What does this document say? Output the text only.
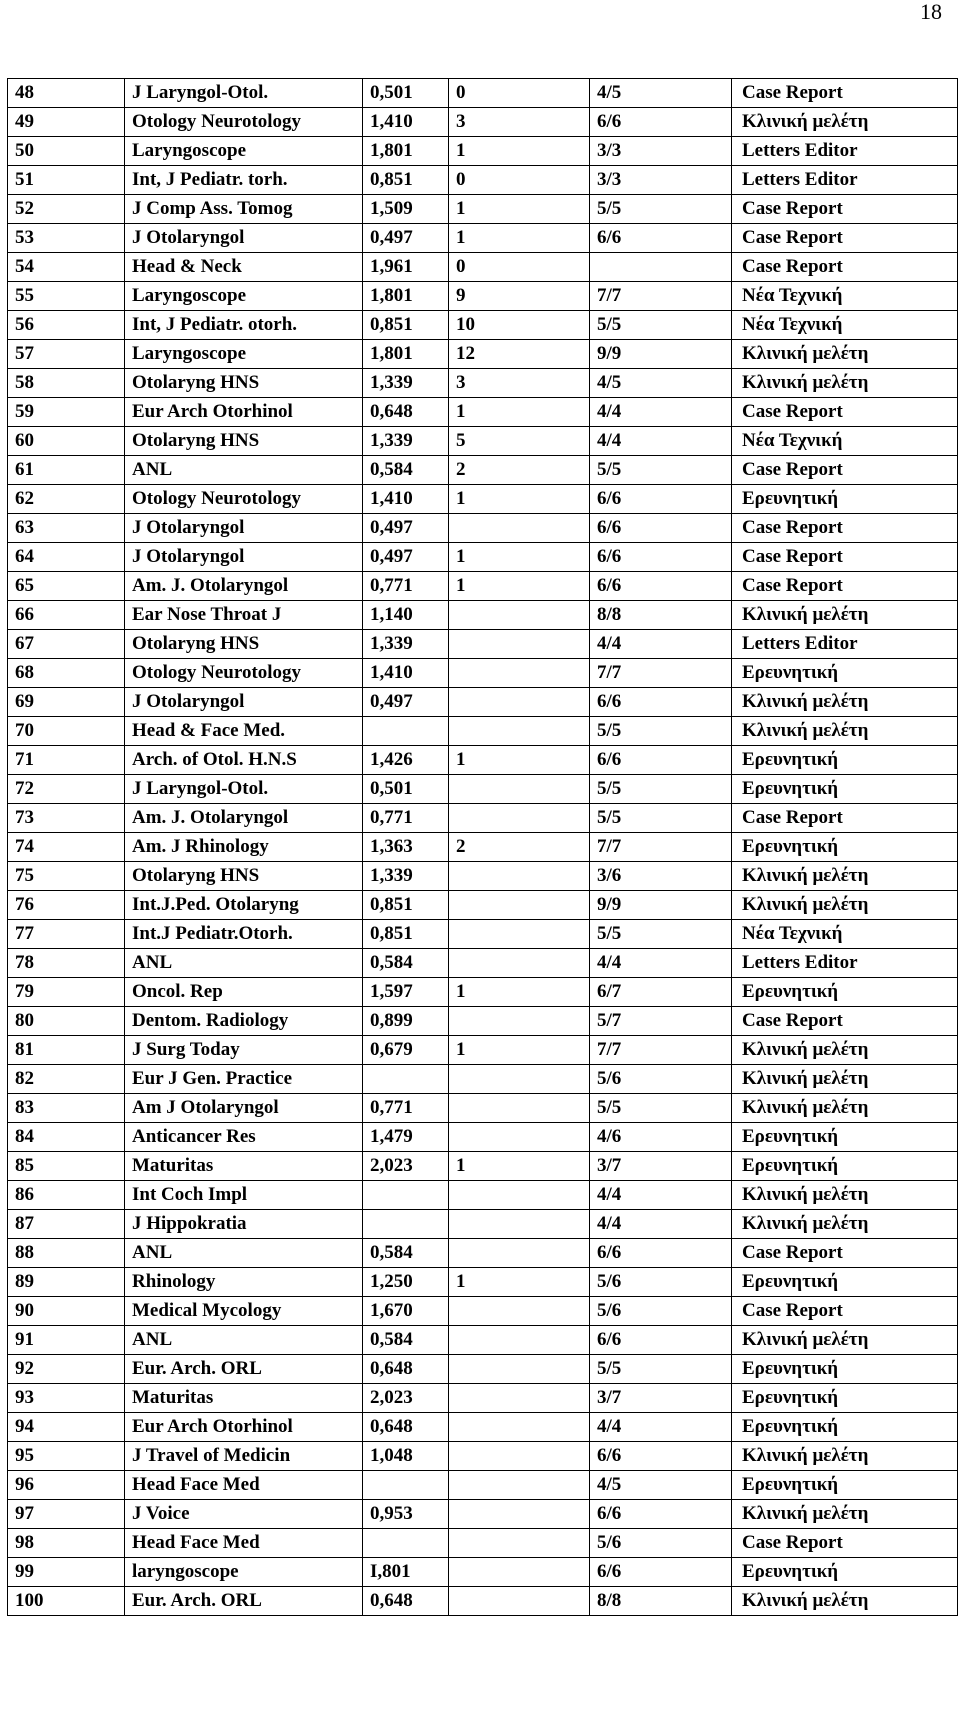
18
48	J Laryngol-Otol.	0,501	0	4/5	Case Report
49	Otology Neurotology	1,410	3	6/6	Κλινική μελέτη
50	Laryngoscope	1,801	1	3/3	Letters Editor
51	Int, J Pediatr. torh.	0,851	0	3/3	Letters Editor
52	J Comp Ass. Tomog	1,509	1	5/5	Case Report
53	J Otolaryngol	0,497	1	6/6	Case Report
54	Head & Neck	1,961	0		Case Report
55	Laryngoscope	1,801	9	7/7	Νέα Τεχνική
56	Int, J Pediatr. otorh.	0,851	10	5/5	Νέα Τεχνική
57	Laryngoscope	1,801	12	9/9	Κλινική μελέτη
58	Otolaryng HNS	1,339	3	4/5	Κλινική μελέτη
59	Eur Arch Otorhinol	0,648	1	4/4	Case Report
60	Otolaryng HNS	1,339	5	4/4	Νέα Τεχνική
61	ANL	0,584	2	5/5	Case Report
62	Otology Neurotology	1,410	1	6/6	Ερευνητική
63	J Otolaryngol	0,497		6/6	Case Report
64	J Otolaryngol	0,497	1	6/6	Case Report
65	Am. J. Otolaryngol	0,771	1	6/6	Case Report
66	Ear Nose Throat J	1,140		8/8	Κλινική μελέτη
67	Otolaryng HNS	1,339		4/4	Letters Editor
68	Otology Neurotology	1,410		7/7	Ερευνητική
69	J Otolaryngol	0,497		6/6	Κλινική μελέτη
70	Head & Face Med.			5/5	Κλινική μελέτη
71	Arch. of Otol. H.N.S	1,426	1	6/6	Ερευνητική
72	J Laryngol-Otol.	0,501		5/5	Ερευνητική
73	Am. J. Otolaryngol	0,771		5/5	Case Report
74	Am. J Rhinology	1,363	2	7/7	Ερευνητική
75	Otolaryng HNS	1,339		3/6	Κλινική μελέτη
76	Int.J.Ped. Otolaryng	0,851		9/9	Κλινική μελέτη
77	Int.J Pediatr.Otorh.	0,851		5/5	Νέα Τεχνική
78	ANL	0,584		4/4	Letters Editor
79	Oncol. Rep	1,597	1	6/7	Ερευνητική
80	Dentom. Radiology	0,899		5/7	Case Report
81	J Surg Today	0,679	1	7/7	Κλινική μελέτη
82	Eur J Gen. Practice			5/6	Κλινική μελέτη
83	Am J Otolaryngol	0,771		5/5	Κλινική μελέτη
84	Anticancer Res	1,479		4/6	Ερευνητική
85	Maturitas	2,023	1	3/7	Ερευνητική
86	Int Coch Impl			4/4	Κλινική μελέτη
87	J Hippokratia			4/4	Κλινική μελέτη
88	ANL	0,584		6/6	Case Report
89	Rhinology	1,250	1	5/6	Ερευνητική
90	Medical Mycology	1,670		5/6	Case Report
91	ANL	0,584		6/6	Κλινική μελέτη
92	Eur. Arch. ORL	0,648		5/5	Ερευνητική
93	Maturitas	2,023		3/7	Ερευνητική
94	Eur Arch Otorhinol	0,648		4/4	Ερευνητική
95	J Travel of Medicin	1,048		6/6	Κλινική μελέτη
96	Head Face Med			4/5	Ερευνητική
97	J Voice	0,953		6/6	Κλινική μελέτη
98	Head Face Med			5/6	Case Report
99	laryngoscope	I,801		6/6	Ερευνητική
100	Eur. Arch. ORL	0,648		8/8	Κλινική μελέτη
